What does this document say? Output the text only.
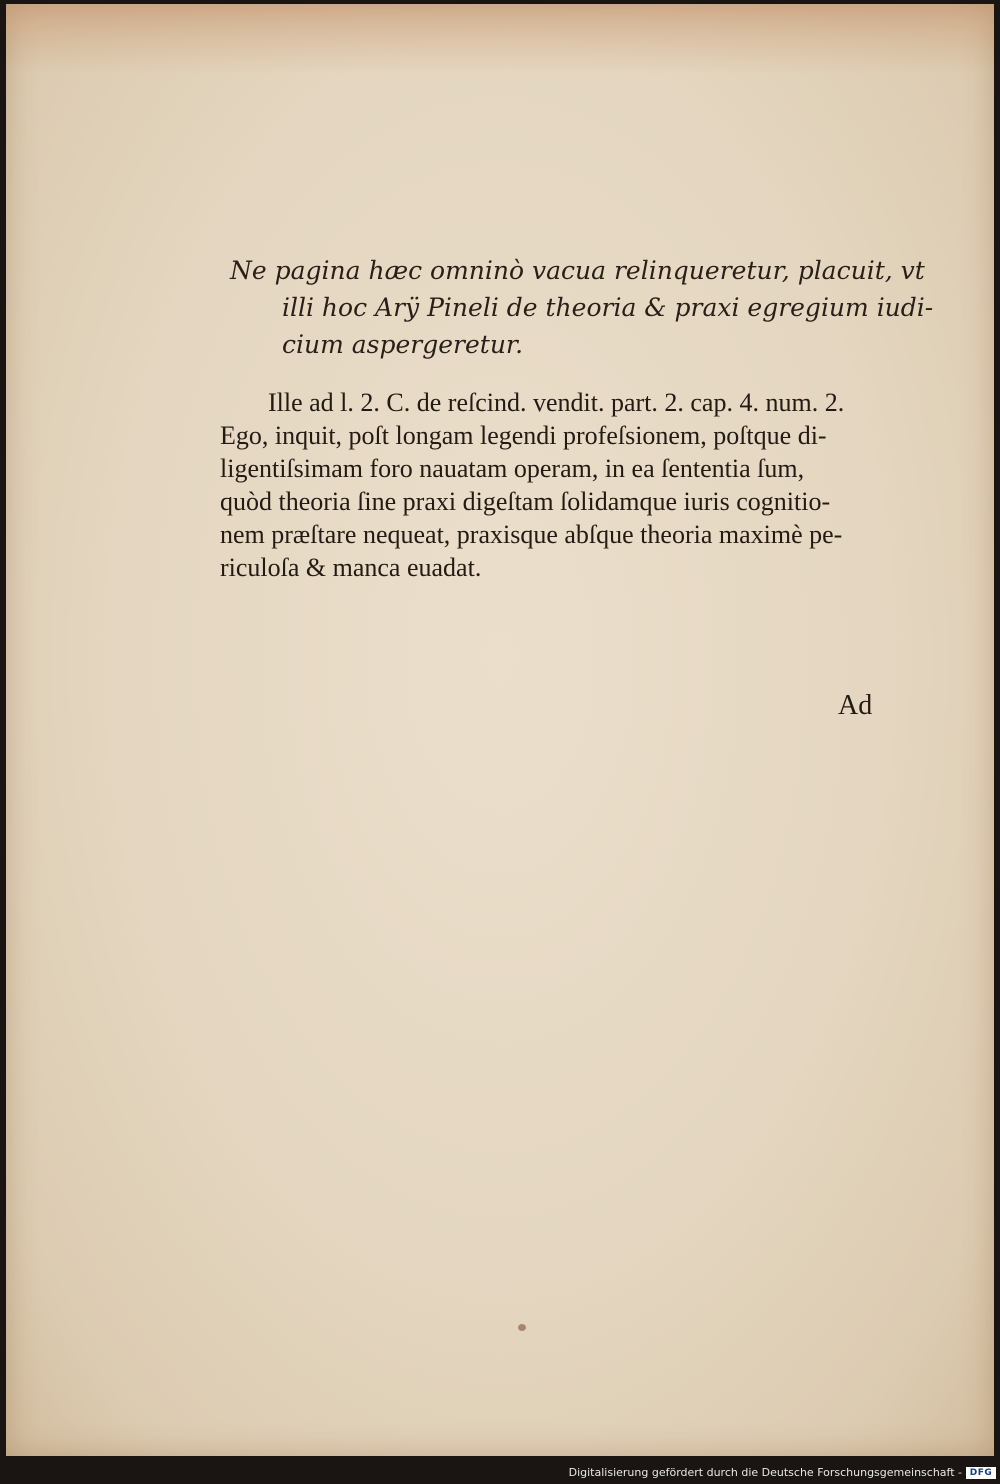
Ne pagina hæc omninò vacua relinqueretur, placuit, vt
illi hoc Arÿ Pineli de theoria & praxi egregium iudi-
cium aspergeretur.
Ille ad l. 2. C. de reſcind. vendit. part. 2. cap. 4. num. 2.
Ego, inquit, poſt longam legendi profeſsionem, poſtque di-
ligentiſsimam foro nauatam operam, in ea ſententia ſum,
quòd theoria ſine praxi digeſtam ſolidamque iuris cognitio-
nem præſtare nequeat, praxisque abſque theoria maximè pe-
riculoſa & manca euadat.
Ad
Digitalisierung gefördert durch die Deutsche Forschungsgemeinschaft - DFG
